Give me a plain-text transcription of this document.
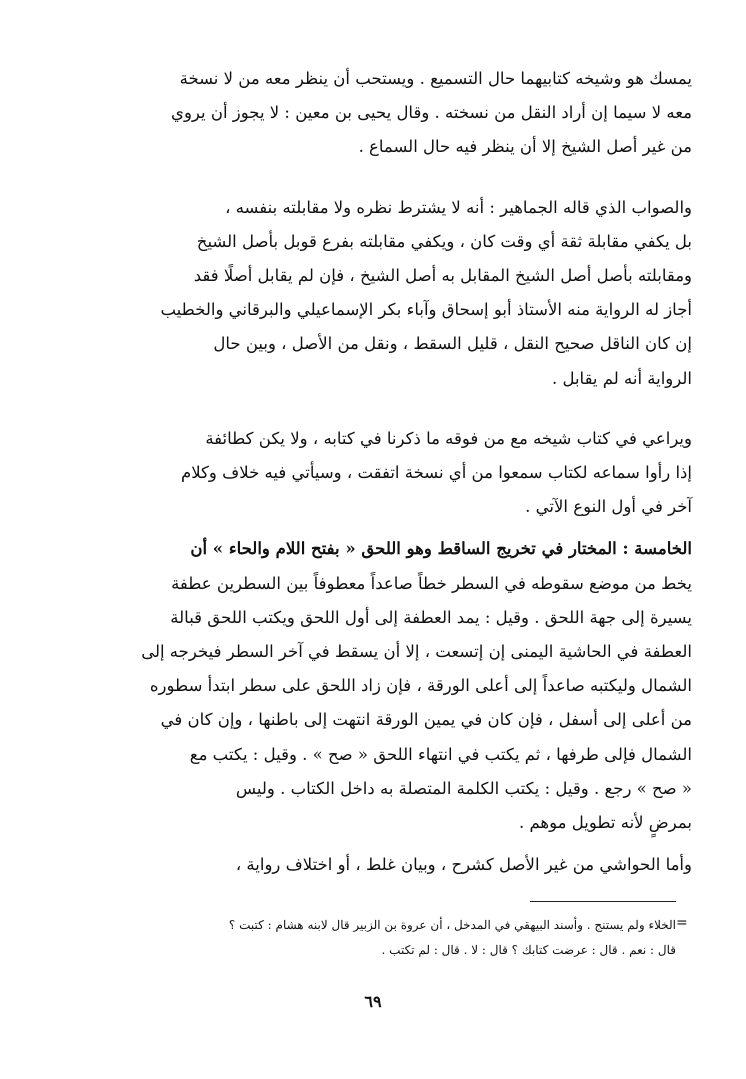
يمسك هو وشيخه كتابيهما حال التسميع . ويستحب أن ينظر معه من لا نسخة
معه لا سيما إن أراد النقل من نسخته . وقال يحيى بن معين : لا يجوز أن يروي
من غير أصل الشيخ إلا أن ينظر فيه حال السماع .

والصواب الذي قاله الجماهير : أنه لا يشترط نظره ولا مقابلته بنفسه ،
بل يكفي مقابلة ثقة أي وقت كان ، ويكفي مقابلته بفرع قوبل بأصل الشيخ
ومقابلته بأصل أصل الشيخ المقابل به أصل الشيخ ، فإن لم يقابل أصلًا فقد
أجاز له الرواية منه الأستاذ أبو إسحاق وآباء بكر الإسماعيلي والبرقاني والخطيب
إن كان الناقل صحيح النقل ، قليل السقط ، ونقل من الأصل ، وبين حال
الرواية أنه لم يقابل .

ويراعي في كتاب شيخه مع من فوقه ما ذكرنا في كتابه ، ولا يكن كطائفة
إذا رأوا سماعه لكتاب سمعوا من أي نسخة اتفقت ، وسيأتي فيه خلاف وكلام
آخر في أول النوع الآتي .

الخامسة : المختار في تخريج الساقط وهو اللحق « بفتح اللام والحاء » أن
يخط من موضع سقوطه في السطر خطاً صاعداً معطوفاً بين السطرين عطفة
يسيرة إلى جهة اللحق . وقيل : يمد العطفة إلى أول اللحق ويكتب اللحق قبالة
العطفة في الحاشية اليمنى إن إتسعت ، إلا أن يسقط في آخر السطر فيخرجه إلى
الشمال وليكتبه صاعداً إلى أعلى الورقة ، فإن زاد اللحق على سطر ابتدأ سطوره
من أعلى إلى أسفل ، فإن كان في يمين الورقة انتهت إلى باطنها ، وإن كان في
الشمال فإلى طرفها ، ثم يكتب في انتهاء اللحق « صح » . وقيل : يكتب مع
« صح » رجع . وقيل : يكتب الكلمة المتصلة به داخل الكتاب . وليس
بمرضٍ لأنه تطويل موهم .

وأما الحواشي من غير الأصل كشرح ، وبيان غلط ، أو اختلاف رواية ،

=

الخلاء ولم يستنج . وأسند البيهقي في المدخل ، أن عروة بن الزبير قال لابنه هشام : كتبت ؟

قال : نعم . قال : عرضت كتابك ؟ قال : لا . قال : لم تكتب .

٦٩
